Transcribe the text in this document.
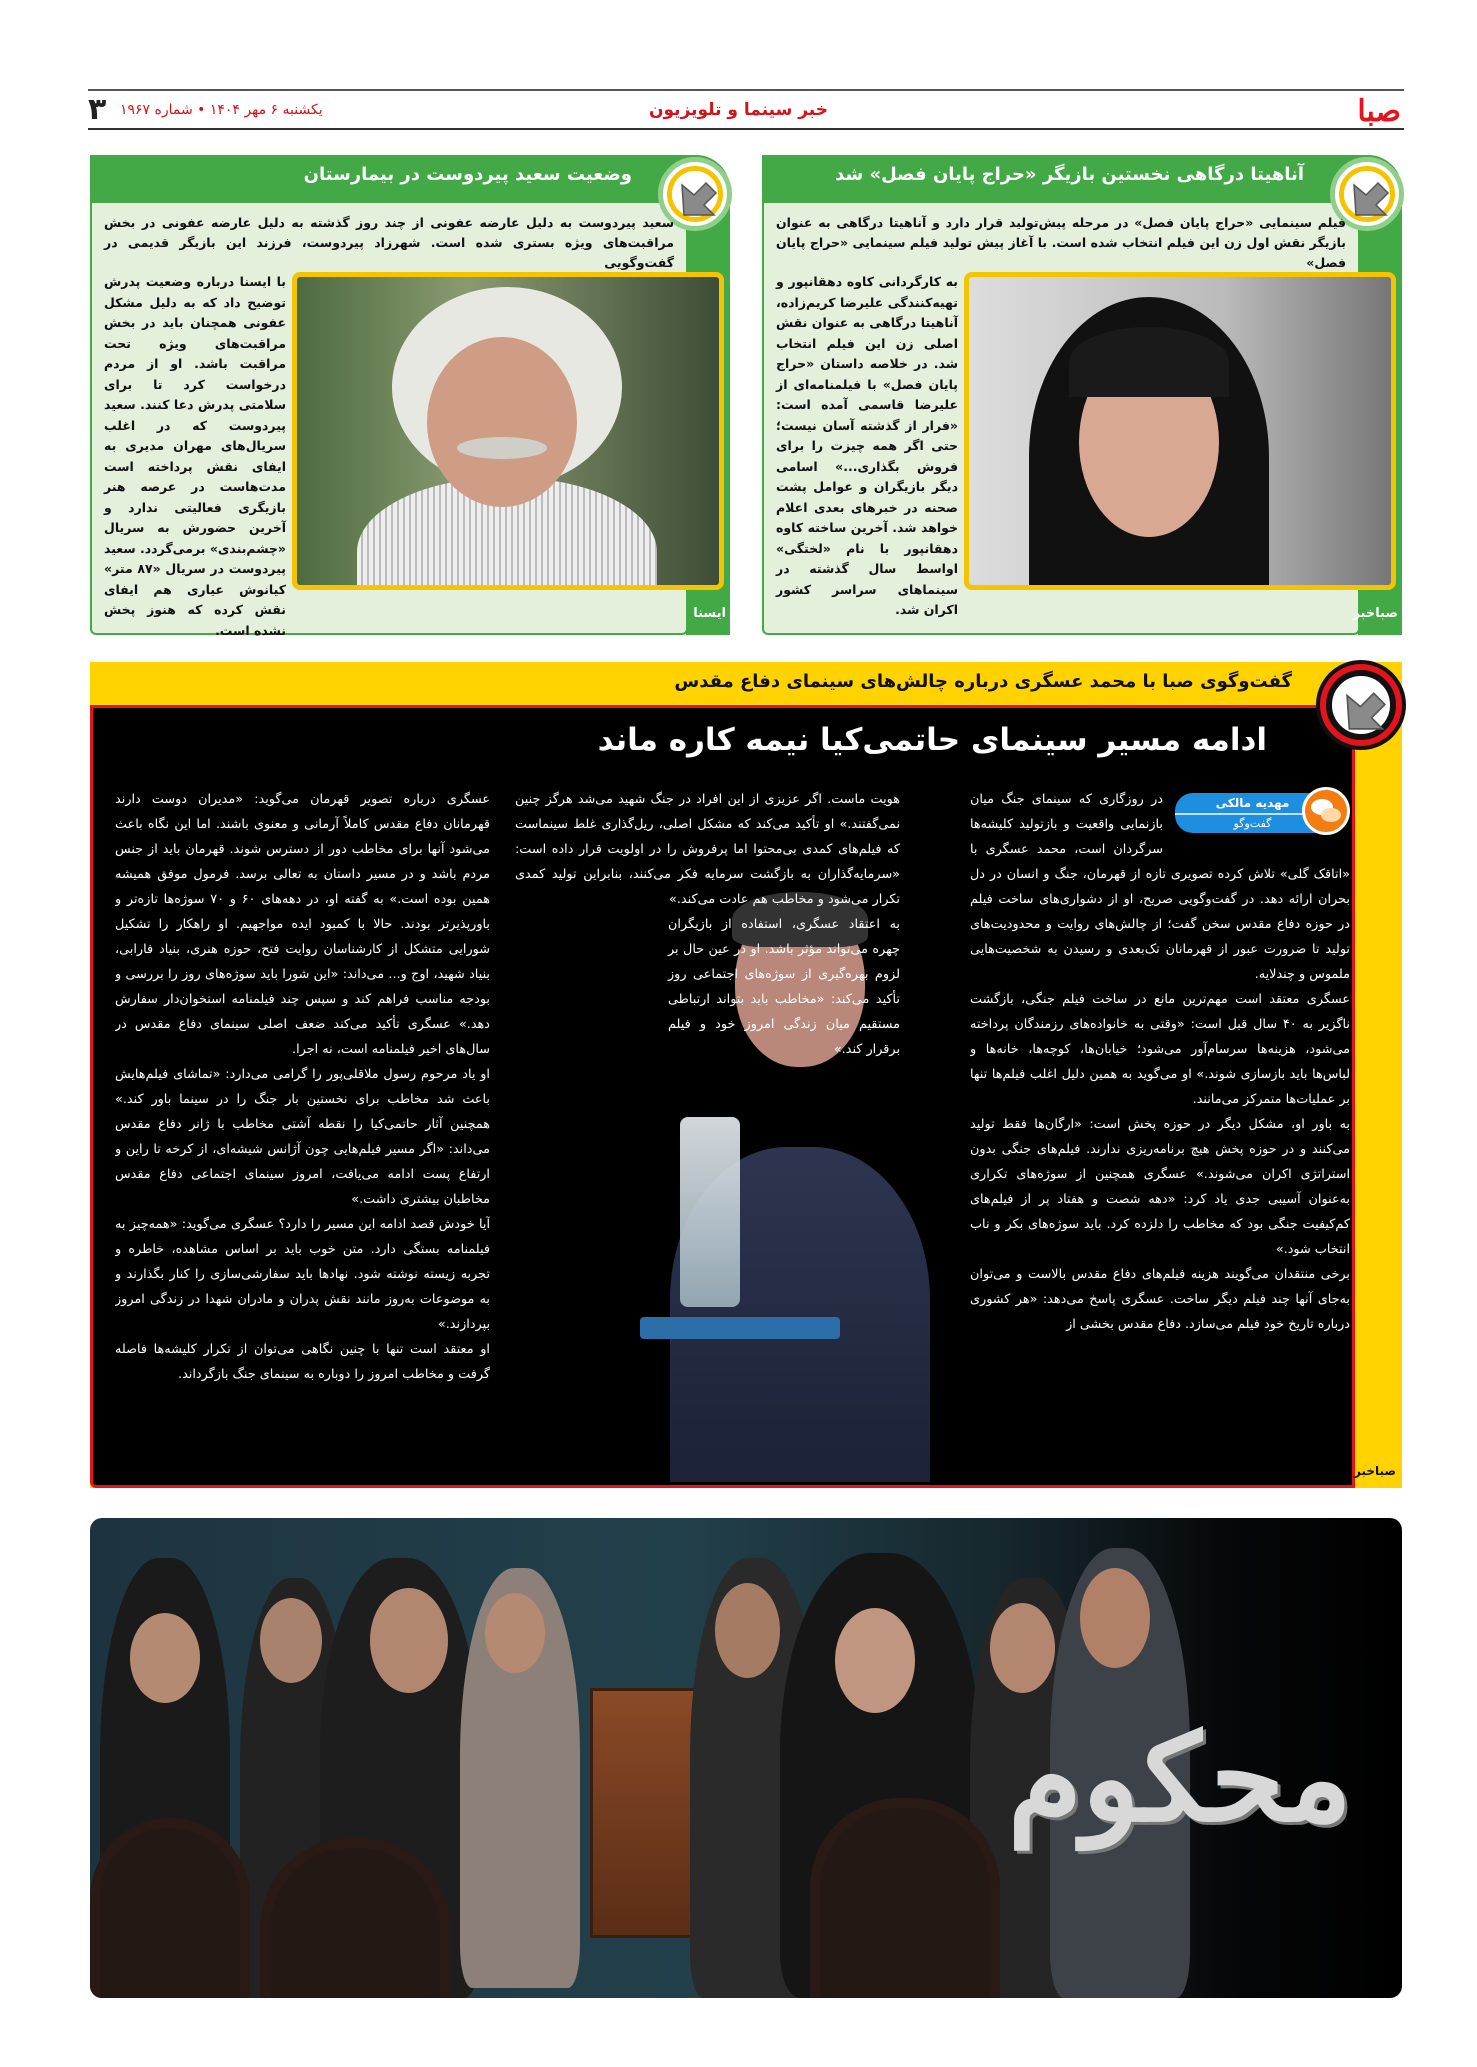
صبا
خبر سینما و تلویزیون
یکشنبه ۶ مهر ۱۴۰۴ • شماره ۱۹۶۷
۳
آناهیتا درگاهی نخستین بازیگر «حراج پایان فصل» شد
فیلم سینمایی «حراج پایان فصل» در مرحله پیش‌تولید قرار دارد و آناهیتا درگاهی به عنوان بازیگر نقش اول زن این فیلم انتخاب شده است. با آغاز پیش تولید فیلم سینمایی «حراج پایان فصل»
به کارگردانی کاوه دهقانپور و تهیه‌کنندگی علیرضا کریم‌زاده، آناهیتا درگاهی به عنوان نقش اصلی زن این فیلم انتخاب شد. در خلاصه داستان «حراج پایان فصل» با فیلمنامه‌ای از علیرضا قاسمی آمده است: «فرار از گذشته آسان نیست؛ حتی اگر همه چیزت را برای فروش بگذاری...» اسامی دیگر بازیگران و عوامل پشت صحنه در خبرهای بعدی اعلام خواهد شد. آخرین ساخته کاوه دهقانپور با نام «لختگی» اواسط سال گذشته در سینماهای سراسر کشور اکران شد.	صباخبر
وضعیت سعید پیردوست در بیمارستان
سعید پیردوست به دلیل عارضه عفونی از چند روز گذشته به دلیل عارضه عفونی در بخش مراقبت‌های ویژه بستری شده است. شهرزاد پیردوست، فرزند این بازیگر قدیمی در گفت‌وگویی
با ایسنا درباره وضعیت پدرش توضیح داد که به دلیل مشکل عفونی همچنان باید در بخش مراقبت‌های ویژه تحت مراقبت باشد. او از مردم درخواست کرد تا برای سلامتی پدرش دعا کنند. سعید پیردوست که در اغلب سریال‌های مهران مدیری به ایفای نقش پرداخته است مدت‌هاست در عرصه هنر بازیگری فعالیتی ندارد و آخرین حضورش به سریال «چشم‌بندی» برمی‌گردد. سعید پیردوست در سریال «۸۷ متر» کیانوش عیاری هم ایفای نقش کرده که هنوز پخش نشده است.
ایسنا
گفت‌وگوی صبا با محمد عسگری درباره چالش‌های سینمای دفاع مقدس
ادامه مسیر سینمای حاتمی‌کیا نیمه کاره ماند
مهدیه مالکی
گفت‌وگو

در روزگاری که سینمای جنگ میان بازنمایی واقعیت و بازتولید کلیشه‌ها سرگردان است، محمد عسگری با «اتاقک گلی» تلاش کرده تصویری تازه از قهرمان، جنگ و انسان در دل بحران ارائه دهد. در گفت‌وگویی صریح، او از دشواری‌های ساخت فیلم در حوزه دفاع مقدس سخن گفت؛ از چالش‌های روایت و محدودیت‌های تولید تا ضرورت عبور از قهرمانان تک‌بعدی و رسیدن به شخصیت‌هایی ملموس و چندلایه.

عسگری معتقد است مهم‌ترین مانع در ساخت فیلم جنگی، بازگشت ناگزیر به ۴۰ سال قبل است: «وقتی به خانواده‌های رزمندگان پرداخته می‌شود، هزینه‌ها سرسام‌آور می‌شود؛ خیابان‌ها، کوچه‌ها، خانه‌ها و لباس‌ها باید بازسازی شوند.» او می‌گوید به همین دلیل اغلب فیلم‌ها تنها بر عملیات‌ها متمرکز می‌مانند.

به باور او، مشکل دیگر در حوزه پخش است: «ارگان‌ها فقط تولید می‌کنند و در حوزه پخش هیچ برنامه‌ریزی ندارند. فیلم‌های جنگی بدون استراتژی اکران می‌شوند.» عسگری همچنین از سوژه‌های تکراری به‌عنوان آسیبی جدی یاد کرد: «دهه شصت و هفتاد پر از فیلم‌های کم‌کیفیت جنگی بود که مخاطب را دلزده کرد. باید سوژه‌های بکر و ناب انتخاب شود.»

برخی منتقدان می‌گویند هزینه فیلم‌های دفاع مقدس بالاست و می‌توان به‌جای آنها چند فیلم دیگر ساخت. عسگری پاسخ می‌دهد: «هر کشوری درباره تاریخ خود فیلم می‌سازد. دفاع مقدس بخشی از

هویت ماست. اگر عزیزی از این افراد در جنگ شهید می‌شد هرگز چنین نمی‌گفتند.» او تأکید می‌کند که مشکل اصلی، ریل‌گذاری غلط سینماست که فیلم‌های کمدی بی‌محتوا اما پرفروش را در اولویت قرار داده است: «سرمایه‌گذاران به بازگشت سرمایه فکر می‌کنند، بنابراین تولید کمدی تکرار می‌شود و مخاطب هم عادت می‌کند.»

به اعتقاد عسگری، استفاده از بازیگران چهره می‌تواند مؤثر باشد. او در عین حال بر لزوم بهره‌گیری از سوژه‌های اجتماعی روز تأکید می‌کند: «مخاطب باید بتواند ارتباطی مستقیم میان زندگی امروز خود و فیلم برقرار کند.»

عسگری درباره تصویر قهرمان می‌گوید: «مدیران دوست دارند قهرمانان دفاع مقدس کاملاً آرمانی و معنوی باشند. اما این نگاه باعث می‌شود آنها برای مخاطب دور از دسترس شوند. قهرمان باید از جنس مردم باشد و در مسیر داستان به تعالی برسد. فرمول موفق همیشه همین بوده است.» به گفته او، در دهه‌های ۶۰ و ۷۰ سوژه‌ها تازه‌تر و باورپذیرتر بودند. حالا با کمبود ایده مواجهیم. او راهکار را تشکیل شورایی متشکل از کارشناسان روایت فتح، حوزه هنری، بنیاد فارابی، بنیاد شهید، اوج و... می‌داند: «این شورا باید سوژه‌های روز را بررسی و بودجه مناسب فراهم کند و سپس چند فیلمنامه استخوان‌دار سفارش دهد.» عسگری تأکید می‌کند ضعف اصلی سینمای دفاع مقدس در سال‌های اخیر فیلمنامه است، نه اجرا.

او یاد مرحوم رسول ملاقلی‌پور را گرامی می‌دارد: «تماشای فیلم‌هایش باعث شد مخاطب برای نخستین بار جنگ را در سینما باور کند.» همچنین آثار حاتمی‌کیا را نقطه آشتی مخاطب با ژانر دفاع مقدس می‌داند: «اگر مسیر فیلم‌هایی چون آژانس شیشه‌ای، از کرخه تا راین و ارتفاع پست ادامه می‌یافت، امروز سینمای اجتماعی دفاع مقدس مخاطبان بیشتری داشت.»

آیا خودش قصد ادامه این مسیر را دارد؟ عسگری می‌گوید: «همه‌چیز به فیلمنامه بستگی دارد. متن خوب باید بر اساس مشاهده، خاطره و تجربه زیسته نوشته شود. نهادها باید سفارشی‌سازی را کنار بگذارند و به موضوعات به‌روز مانند نقش پدران و مادران شهدا در زندگی امروز بپردازند.»

او معتقد است تنها با چنین نگاهی می‌توان از تکرار کلیشه‌ها فاصله گرفت و مخاطب امروز را دوباره به سینمای جنگ بازگرداند.

صباخبر
محکوم
